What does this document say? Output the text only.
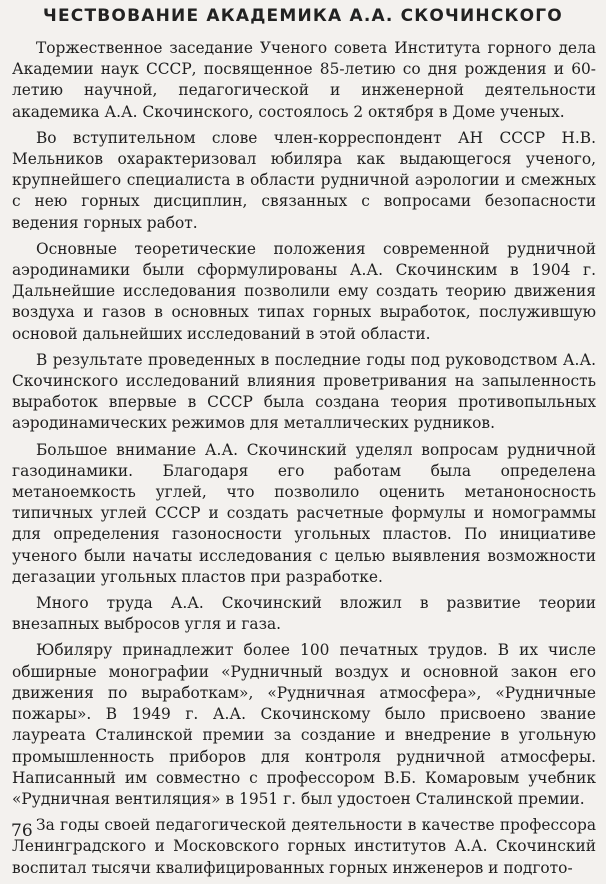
ЧЕСТВОВАНИЕ АКАДЕМИКА А.А. СКОЧИНСКОГО

Торжественное заседание Ученого совета Института горного дела Академии наук СССР, посвященное 85-летию со дня рождения и 60-летию научной, педагогической и инженерной деятельности академика А.А. Скочинского, состоялось 2 октября в Доме ученых.

Во вступительном слове член-корреспондент АН СССР Н.В. Мельников охарактеризовал юбиляра как выдающегося ученого, крупнейшего специалиста в области рудничной аэрологии и смежных с нею горных дисциплин, связанных с вопросами безопасности ведения горных работ.

Основные теоретические положения современной рудничной аэродинамики были сформулированы А.А. Скочинским в 1904 г. Дальнейшие исследования позволили ему создать теорию движения воздуха и газов в основных типах горных выработок, послужившую основой дальнейших исследований в этой области.

В результате проведенных в последние годы под руководством А.А. Скочинского исследований влияния проветривания на запыленность выработок впервые в СССР была создана теория противопыльных аэродинамических режимов для металлических рудников.

Большое внимание А.А. Скочинский уделял вопросам рудничной газодинамики. Благодаря его работам была определена метаноемкость углей, что позволило оценить метаноносность типичных углей СССР и создать расчетные формулы и номограммы для определения газоносности угольных пластов. По инициативе ученого были начаты исследования с целью выявления возможности дегазации угольных пластов при разработке.

Много труда А.А. Скочинский вложил в развитие теории внезапных выбросов угля и газа.

Юбиляру принадлежит более 100 печатных трудов. В их числе обширные монографии «Рудничный воздух и основной закон его движения по выработкам», «Рудничная атмосфера», «Рудничные пожары». В 1949 г. А.А. Скочинскому было присвоено звание лауреата Сталинской премии за создание и внедрение в угольную промышленность приборов для контроля рудничной атмосферы. Написанный им совместно с профессором В.Б. Комаровым учебник «Рудничная вентиляция» в 1951 г. был удостоен Сталинской премии.

За годы своей педагогической деятельности в качестве профессора Ленинградского и Московского горных институтов А.А. Скочинский воспитал тысячи квалифицированных горных инженеров и подгото-

76
